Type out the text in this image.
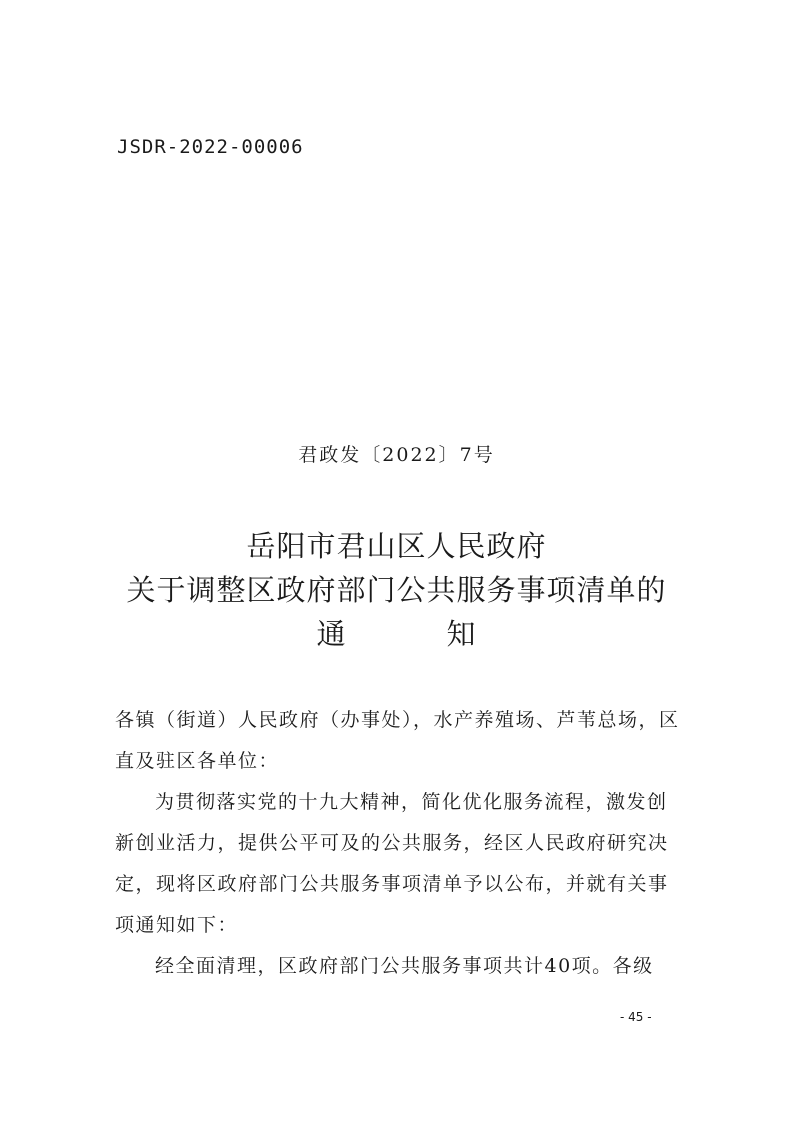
JSDR-2022-00006
君政发〔2022〕7号
岳阳市君山区人民政府
关于调整区政府部门公共服务事项清单的
通	知

各镇（街道）人民政府（办事处），水产养殖场、芦苇总场，区直及驻区各单位：

为贯彻落实党的十九大精神，简化优化服务流程，激发创新创业活力，提供公平可及的公共服务，经区人民政府研究决定，现将区政府部门公共服务事项清单予以公布，并就有关事项通知如下：

经全面清理，区政府部门公共服务事项共计40项。各级

- 45 -
